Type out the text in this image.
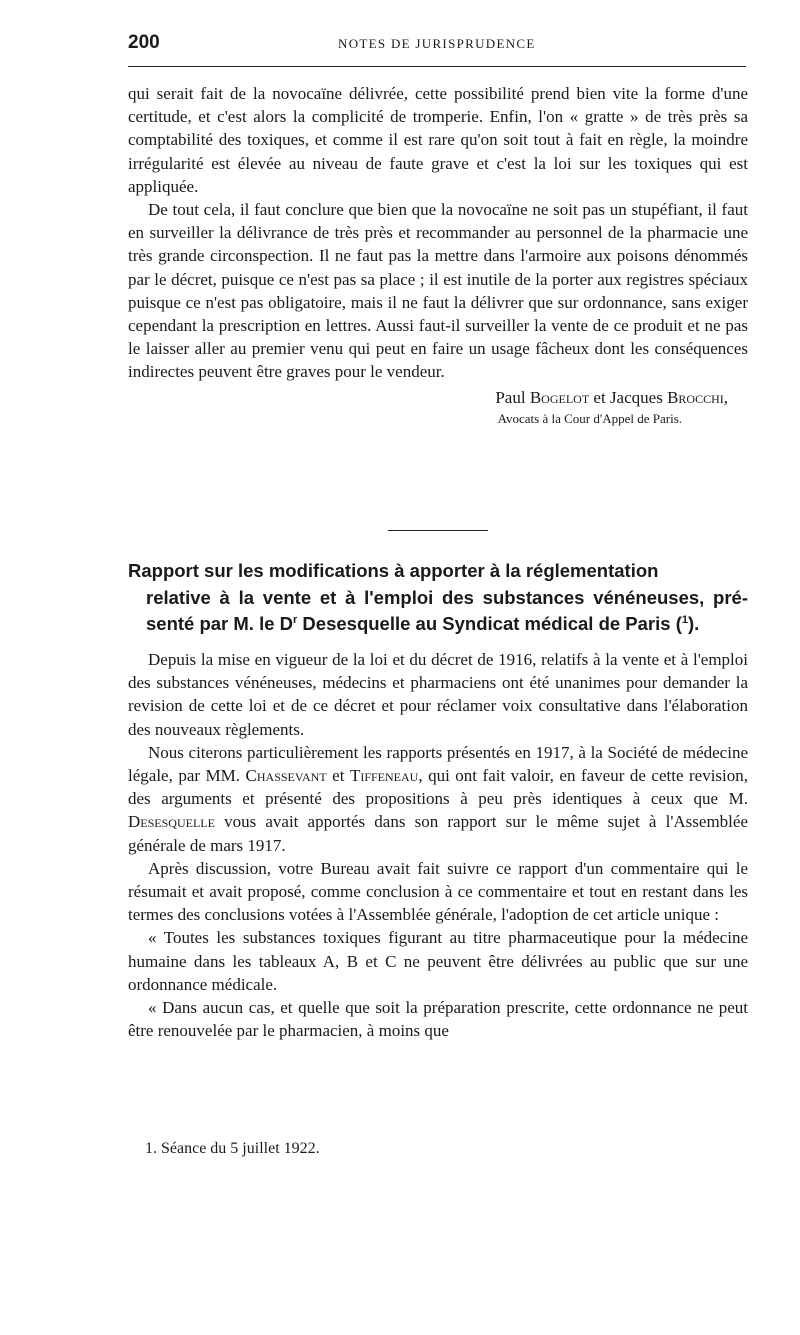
200	NOTES DE JURISPRUDENCE

qui serait fait de la novocaïne délivrée, cette possibilité prend bien vite la forme d'une certitude, et c'est alors la complicité de tromperie. Enfin, l'on « gratte » de très près sa comptabilité des toxiques, et comme il est rare qu'on soit tout à fait en règle, la moindre irrégularité est élevée au niveau de faute grave et c'est la loi sur les toxiques qui est appliquée.

De tout cela, il faut conclure que bien que la novocaïne ne soit pas un stupéfiant, il faut en surveiller la délivrance de très près et recommander au personnel de la pharmacie une très grande circonspection. Il ne faut pas la mettre dans l'armoire aux poisons dénommés par le décret, puisque ce n'est pas sa place ; il est inutile de la porter aux registres spéciaux puisque ce n'est pas obligatoire, mais il ne faut la délivrer que sur ordonnance, sans exiger cependant la prescription en lettres. Aussi faut-il surveiller la vente de ce produit et ne pas le laisser aller au premier venu qui peut en faire un usage fâcheux dont les conséquences indirectes peuvent être graves pour le vendeur.

Paul Bogelot et Jacques Brocchi,

Avocats à la Cour d'Appel de Paris.

Rapport sur les modifications à apporter à la réglementation
relative à la vente et à l'emploi des substances vénéneuses, pré- senté par M. le $D^r$ Desesquelle au Syndicat médical de Paris ($^1$).

Depuis la mise en vigueur de la loi et du décret de 1916, relatifs à la vente et à l'emploi des substances vénéneuses, médecins et pharmaciens ont été unanimes pour demander la revision de cette loi et de ce décret et pour réclamer voix consultative dans l'élaboration des nouveaux règlements.

Nous citerons particulièrement les rapports présentés en 1917, à la Société de médecine légale, par MM. Chassevant et Tiffeneau, qui ont fait valoir, en faveur de cette revision, des arguments et présenté des propositions à peu près identiques à ceux que M. Desesquelle vous avait apportés dans son rapport sur le même sujet à l'Assemblée générale de mars 1917.

Après discussion, votre Bureau avait fait suivre ce rapport d'un commentaire qui le résumait et avait proposé, comme conclusion à ce commentaire et tout en restant dans les termes des conclusions votées à l'Assemblée générale, l'adoption de cet article unique :

« Toutes les substances toxiques figurant au titre pharmaceutique pour la médecine humaine dans les tableaux A, B et C ne peuvent être délivrées au public que sur une ordonnance médicale.

« Dans aucun cas, et quelle que soit la préparation prescrite, cette ordonnance ne peut être renouvelée par le pharmacien, à moins que

1. Séance du 5 juillet 1922.
